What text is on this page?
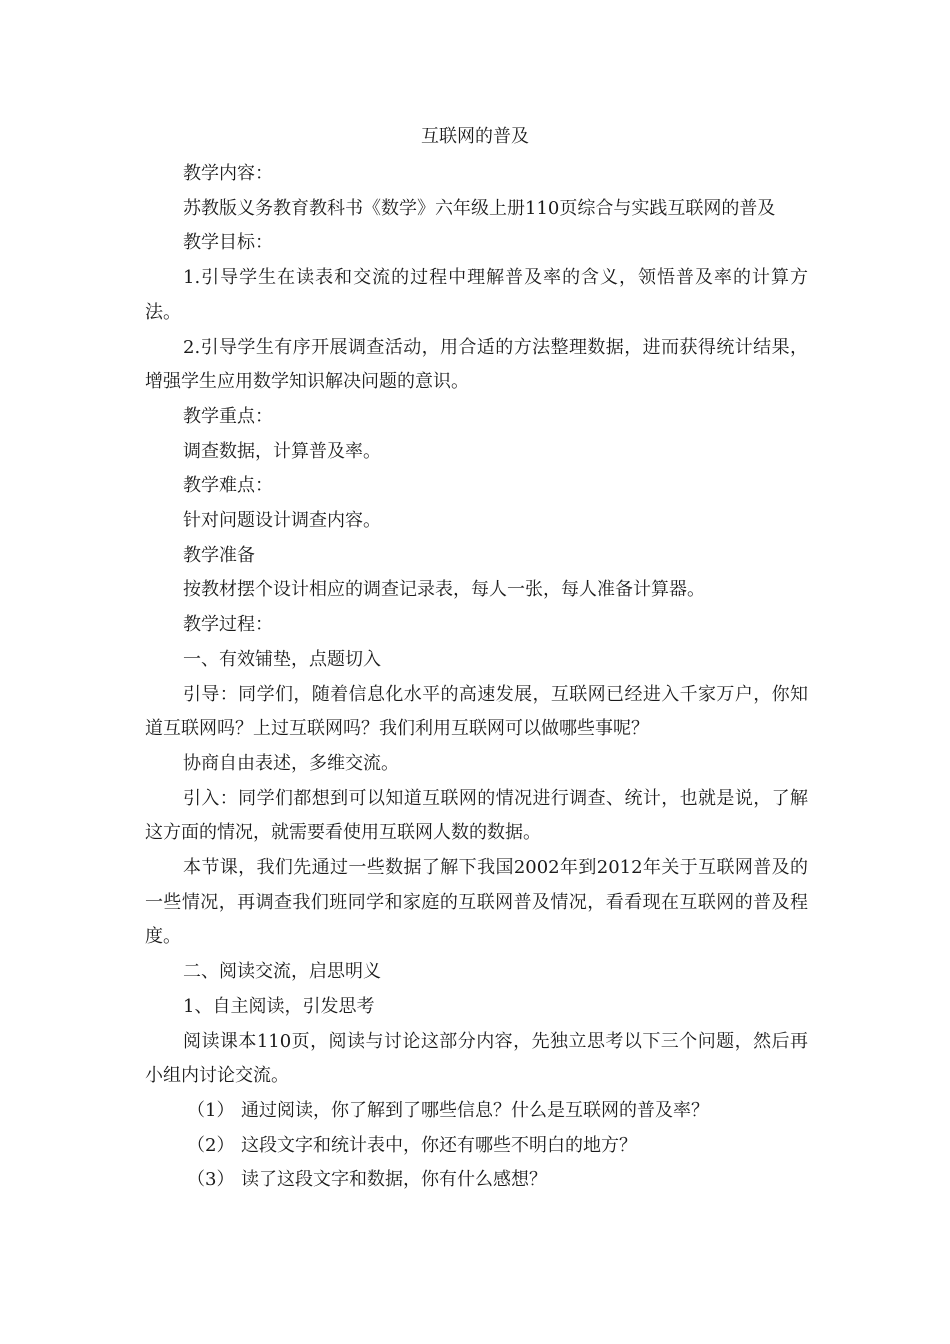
互联网的普及

教学内容：

苏教版义务教育教科书《数学》六年级上册110页综合与实践互联网的普及

教学目标：

1.引导学生在读表和交流的过程中理解普及率的含义，领悟普及率的计算方法。

2.引导学生有序开展调查活动，用合适的方法整理数据，进而获得统计结果，增强学生应用数学知识解决问题的意识。

教学重点：

调查数据，计算普及率。

教学难点：

针对问题设计调查内容。

教学准备

按教材摆个设计相应的调查记录表，每人一张，每人准备计算器。

教学过程：

一、有效铺垫，点题切入

引导：同学们，随着信息化水平的高速发展，互联网已经进入千家万户，你知道互联网吗？上过互联网吗？我们利用互联网可以做哪些事呢？

协商自由表述，多维交流。

引入：同学们都想到可以知道互联网的情况进行调查、统计，也就是说，了解这方面的情况，就需要看使用互联网人数的数据。

本节课，我们先通过一些数据了解下我国2002年到2012年关于互联网普及的一些情况，再调查我们班同学和家庭的互联网普及情况，看看现在互联网的普及程度。

二、阅读交流，启思明义

1、自主阅读，引发思考

阅读课本110页，阅读与讨论这部分内容，先独立思考以下三个问题，然后再小组内讨论交流。

（1） 通过阅读，你了解到了哪些信息？什么是互联网的普及率？
（2） 这段文字和统计表中，你还有哪些不明白的地方？
（3） 读了这段文字和数据，你有什么感想？
